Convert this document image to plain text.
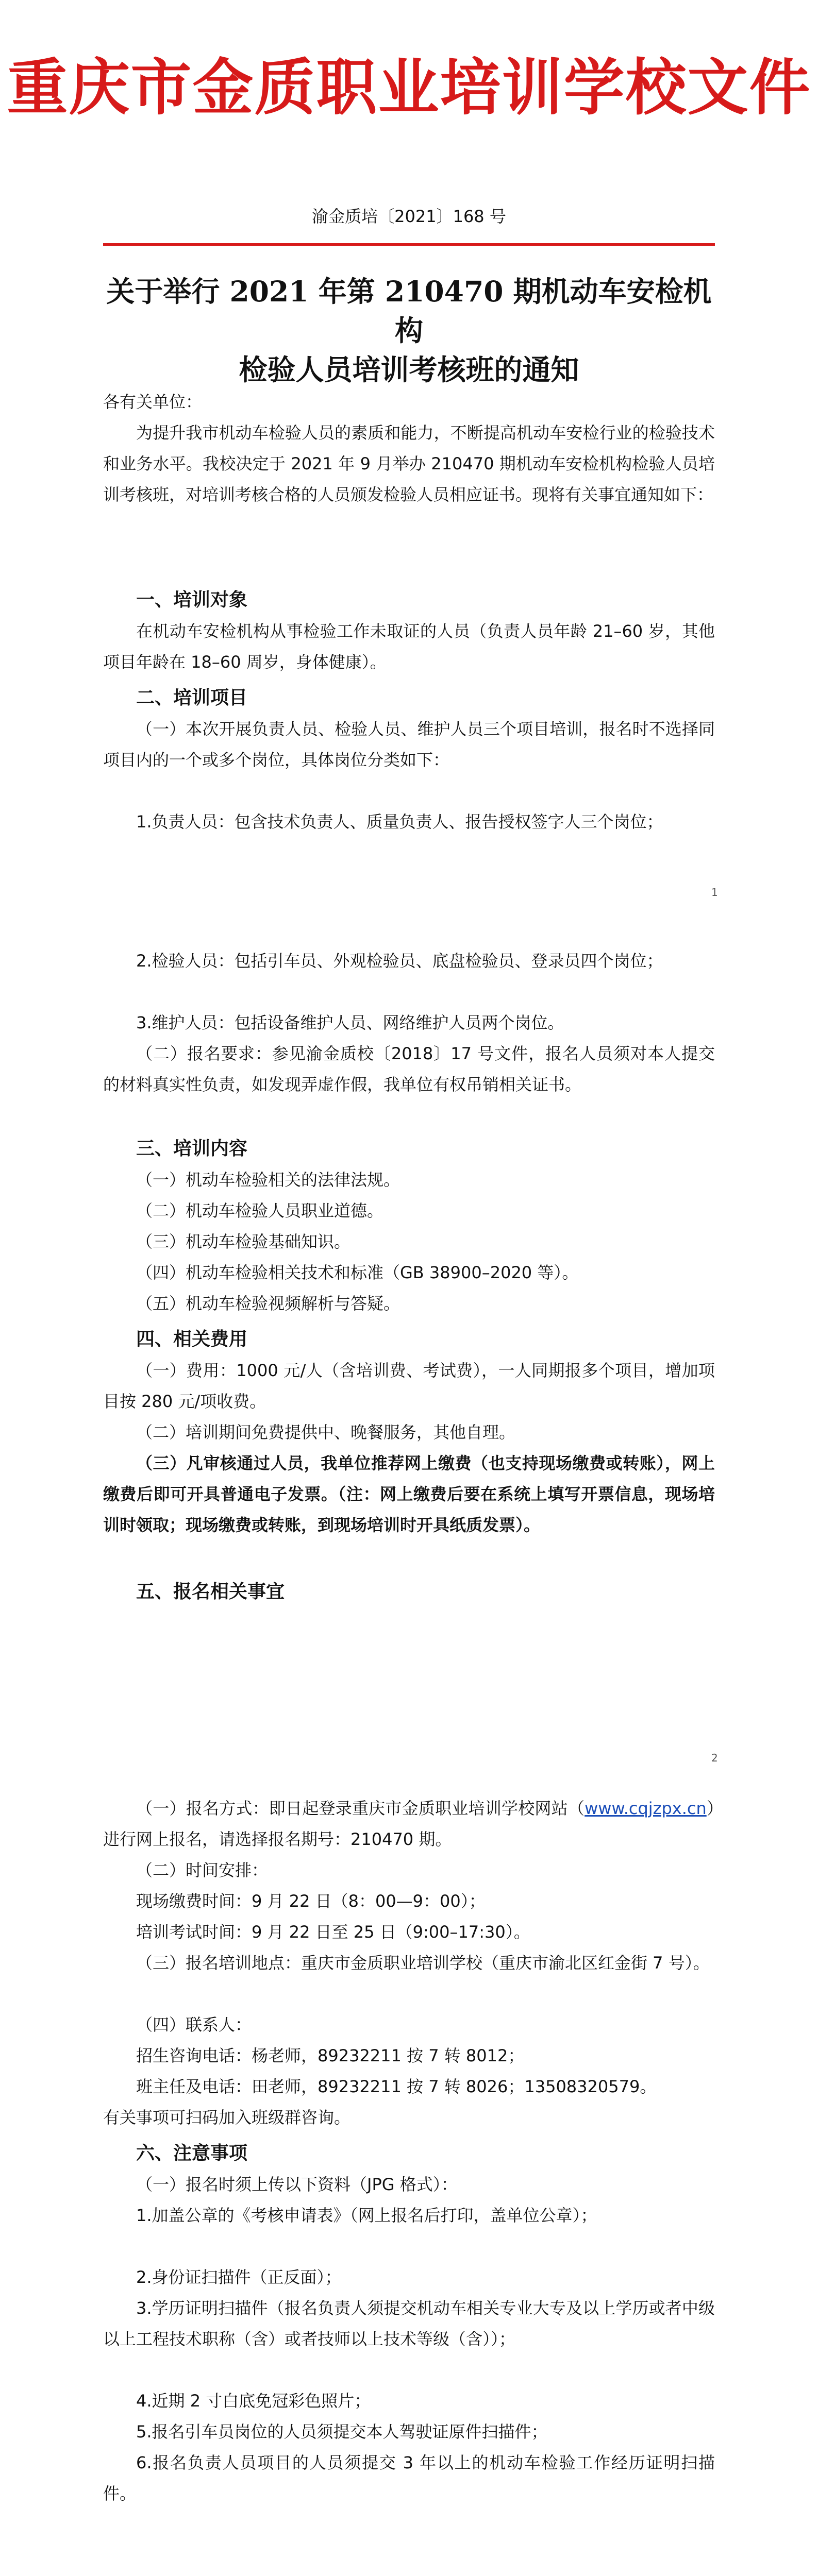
重庆市金质职业培训学校文件
渝金质培〔2021〕168 号
关于举行 2021 年第 210470 期机动车安检机构
检验人员培训考核班的通知

各有关单位：

为提升我市机动车检验人员的素质和能力，不断提高机动车安检行业的检验技术和业务水平。我校决定于 2021 年 9 月举办 210470 期机动车安检机构检验人员培训考核班，对培训考核合格的人员颁发检验人员相应证书。现将有关事宜通知如下：

一、培训对象

在机动车安检机构从事检验工作未取证的人员（负责人员年龄 21–60 岁，其他项目年龄在 18–60 周岁，身体健康）。

二、培训项目

（一）本次开展负责人员、检验人员、维护人员三个项目培训，报名时不选择同项目内的一个或多个岗位，具体岗位分类如下：

1.负责人员：包含技术负责人、质量负责人、报告授权签字人三个岗位；

1

2.检验人员：包括引车员、外观检验员、底盘检验员、登录员四个岗位；

3.维护人员：包括设备维护人员、网络维护人员两个岗位。

（二）报名要求：参见渝金质校〔2018〕17 号文件，报名人员须对本人提交的材料真实性负责，如发现弄虚作假，我单位有权吊销相关证书。

三、培训内容

（一）机动车检验相关的法律法规。

（二）机动车检验人员职业道德。

（三）机动车检验基础知识。

（四）机动车检验相关技术和标准（GB 38900–2020 等）。

（五）机动车检验视频解析与答疑。

四、相关费用

（一）费用：1000 元/人（含培训费、考试费），一人同期报多个项目，增加项目按 280 元/项收费。

（二）培训期间免费提供中、晚餐服务，其他自理。

（三）凡审核通过人员，我单位推荐网上缴费（也支持现场缴费或转账），网上缴费后即可开具普通电子发票。（注：网上缴费后要在系统上填写开票信息，现场培训时领取；现场缴费或转账，到现场培训时开具纸质发票）。

五、报名相关事宜

2

（一）报名方式：即日起登录重庆市金质职业培训学校网站（www.cqjzpx.cn）进行网上报名，请选择报名期号：210470 期。

（二）时间安排：

现场缴费时间：9 月 22 日（8：00—9：00）；

培训考试时间：9 月 22 日至 25 日（9:00–17:30）。

（三）报名培训地点：重庆市金质职业培训学校（重庆市渝北区红金街 7 号）。

（四）联系人：

招生咨询电话：杨老师，89232211 按 7 转 8012；

班主任及电话：田老师，89232211 按 7 转 8026；13508320579。

有关事项可扫码加入班级群咨询。

六、注意事项

（一）报名时须上传以下资料（JPG 格式）：

1.加盖公章的《考核申请表》（网上报名后打印，盖单位公章）；

2.身份证扫描件（正反面）；

3.学历证明扫描件（报名负责人须提交机动车相关专业大专及以上学历或者中级以上工程技术职称（含）或者技师以上技术等级（含））；

4.近期 2 寸白底免冠彩色照片；

5.报名引车员岗位的人员须提交本人驾驶证原件扫描件；

6.报名负责人员项目的人员须提交 3 年以上的机动车检验工作经历证明扫描件。
